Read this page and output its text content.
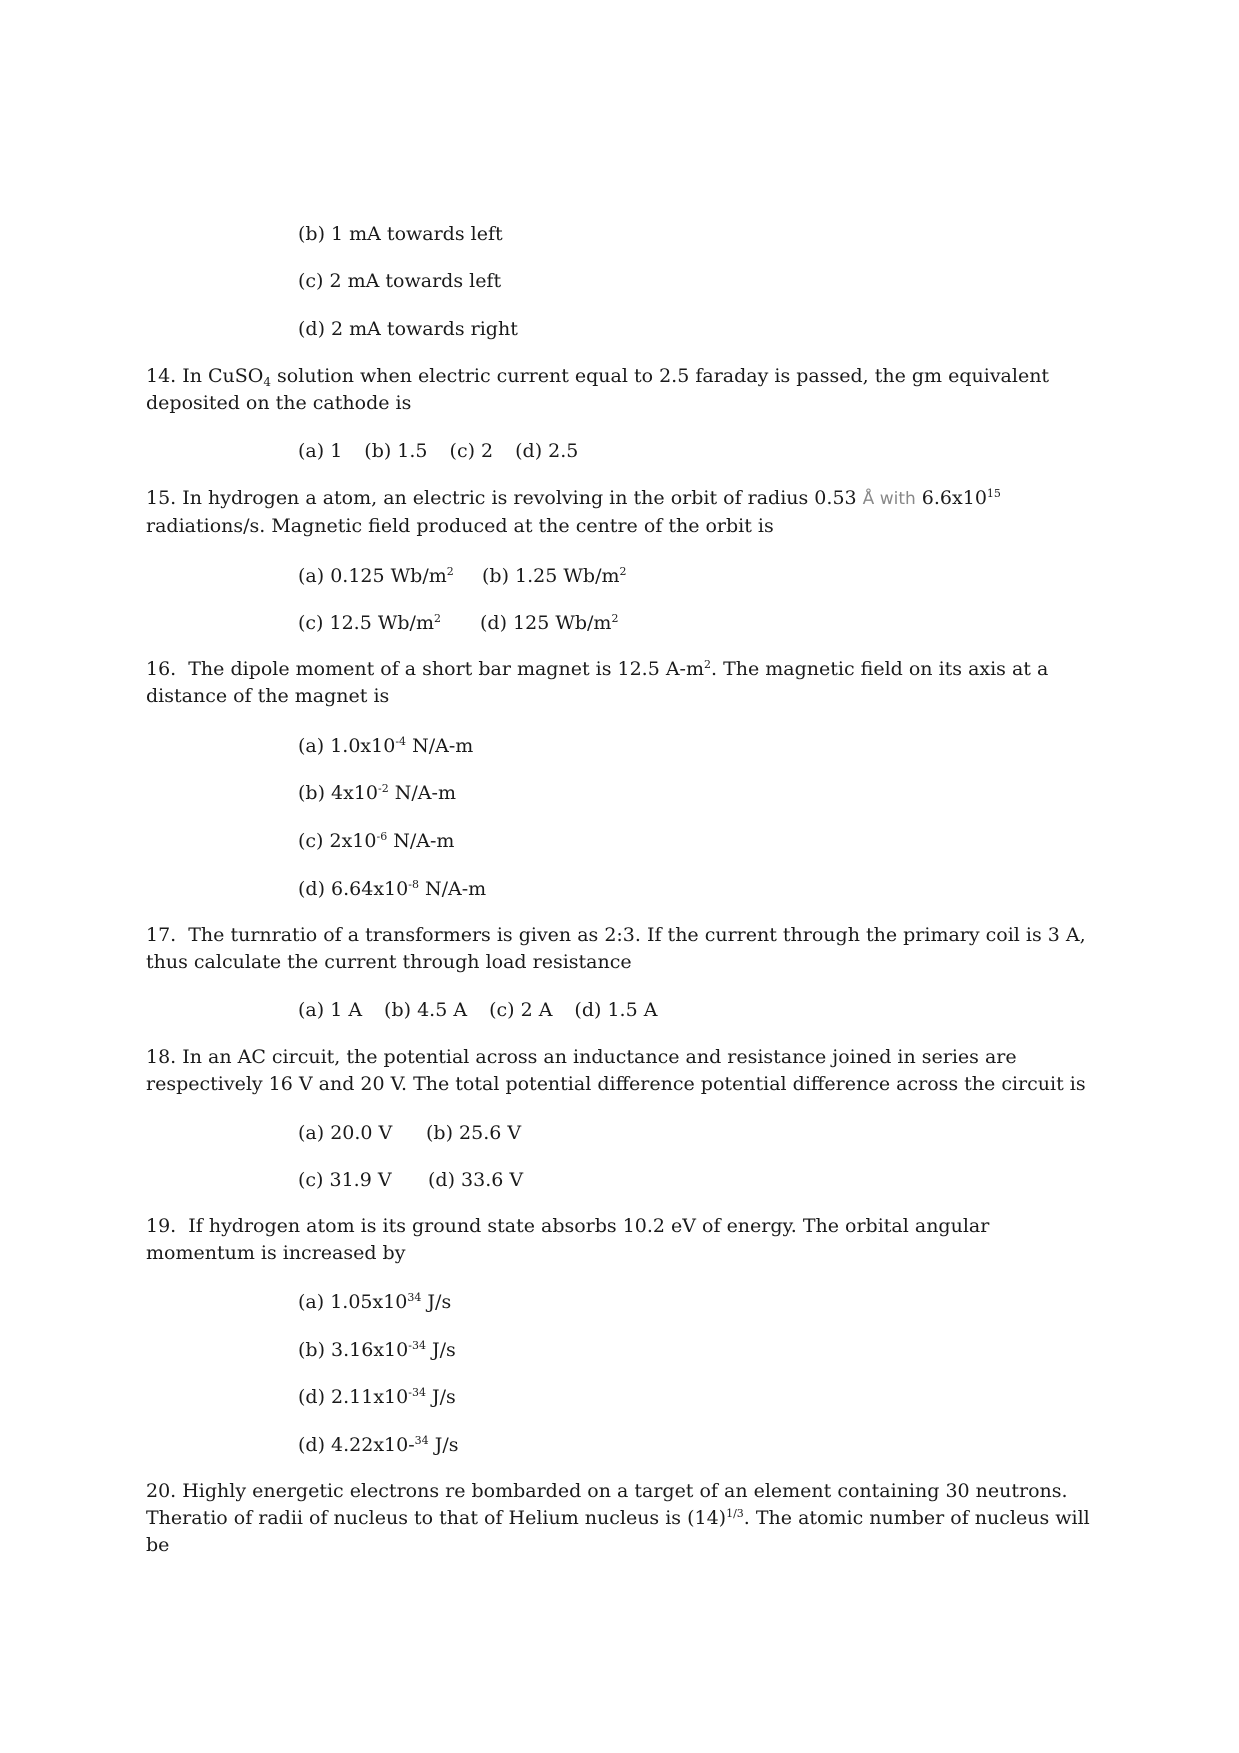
(b) 1 mA towards left
(c) 2 mA towards left
(d) 2 mA towards right
14. In CuSO$_4$ solution when electric current equal to 2.5 faraday is passed, the gm equivalent deposited on the cathode is
(a) 1 (b) 1.5 (c) 2 (d) 2.5
15. In hydrogen a atom, an electric is revolving in the orbit of radius 0.53 Å with $6.6x10^{15}$ radiations/s. Magnetic field produced at the centre of the orbit is
(a) 0.125 $Wb/m^2$ (b) 1.25 $Wb/m^2$
(c) 12.5 $Wb/m^2$ (d) 125 $Wb/m^2$
16. The dipole moment of a short bar magnet is 12.5 $A-m^2$. The magnetic field on its axis at a distance of the magnet is
(a) $1.0x10^{-4}$ N/A-m
(b) $4x10^{-2}$ N/A-m
(c) $2x10^{-6}$ N/A-m
(d) $6.64x10^{-8}$ N/A-m
17. The turnratio of a transformers is given as 2:3. If the current through the primary coil is 3 A, thus calculate the current through load resistance
(a) 1 A (b) 4.5 A (c) 2 A (d) 1.5 A
18. In an AC circuit, the potential across an inductance and resistance joined in series are respectively 16 V and 20 V. The total potential difference potential difference across the circuit is
(a) 20.0 V (b) 25.6 V
(c) 31.9 V (d) 33.6 V
19. If hydrogen atom is its ground state absorbs 10.2 eV of energy. The orbital angular momentum is increased by
(a) $1.05x10^{34}$ J/s
(b) $3.16x10^{-34}$ J/s
(d) $2.11x10^{-34}$ J/s
(d) 4.22x10-$^{34}$ J/s
20. Highly energetic electrons re bombarded on a target of an element containing 30 neutrons. Theratio of radii of nucleus to that of Helium nucleus is $(14)^{1/3}$. The atomic number of nucleus will be
